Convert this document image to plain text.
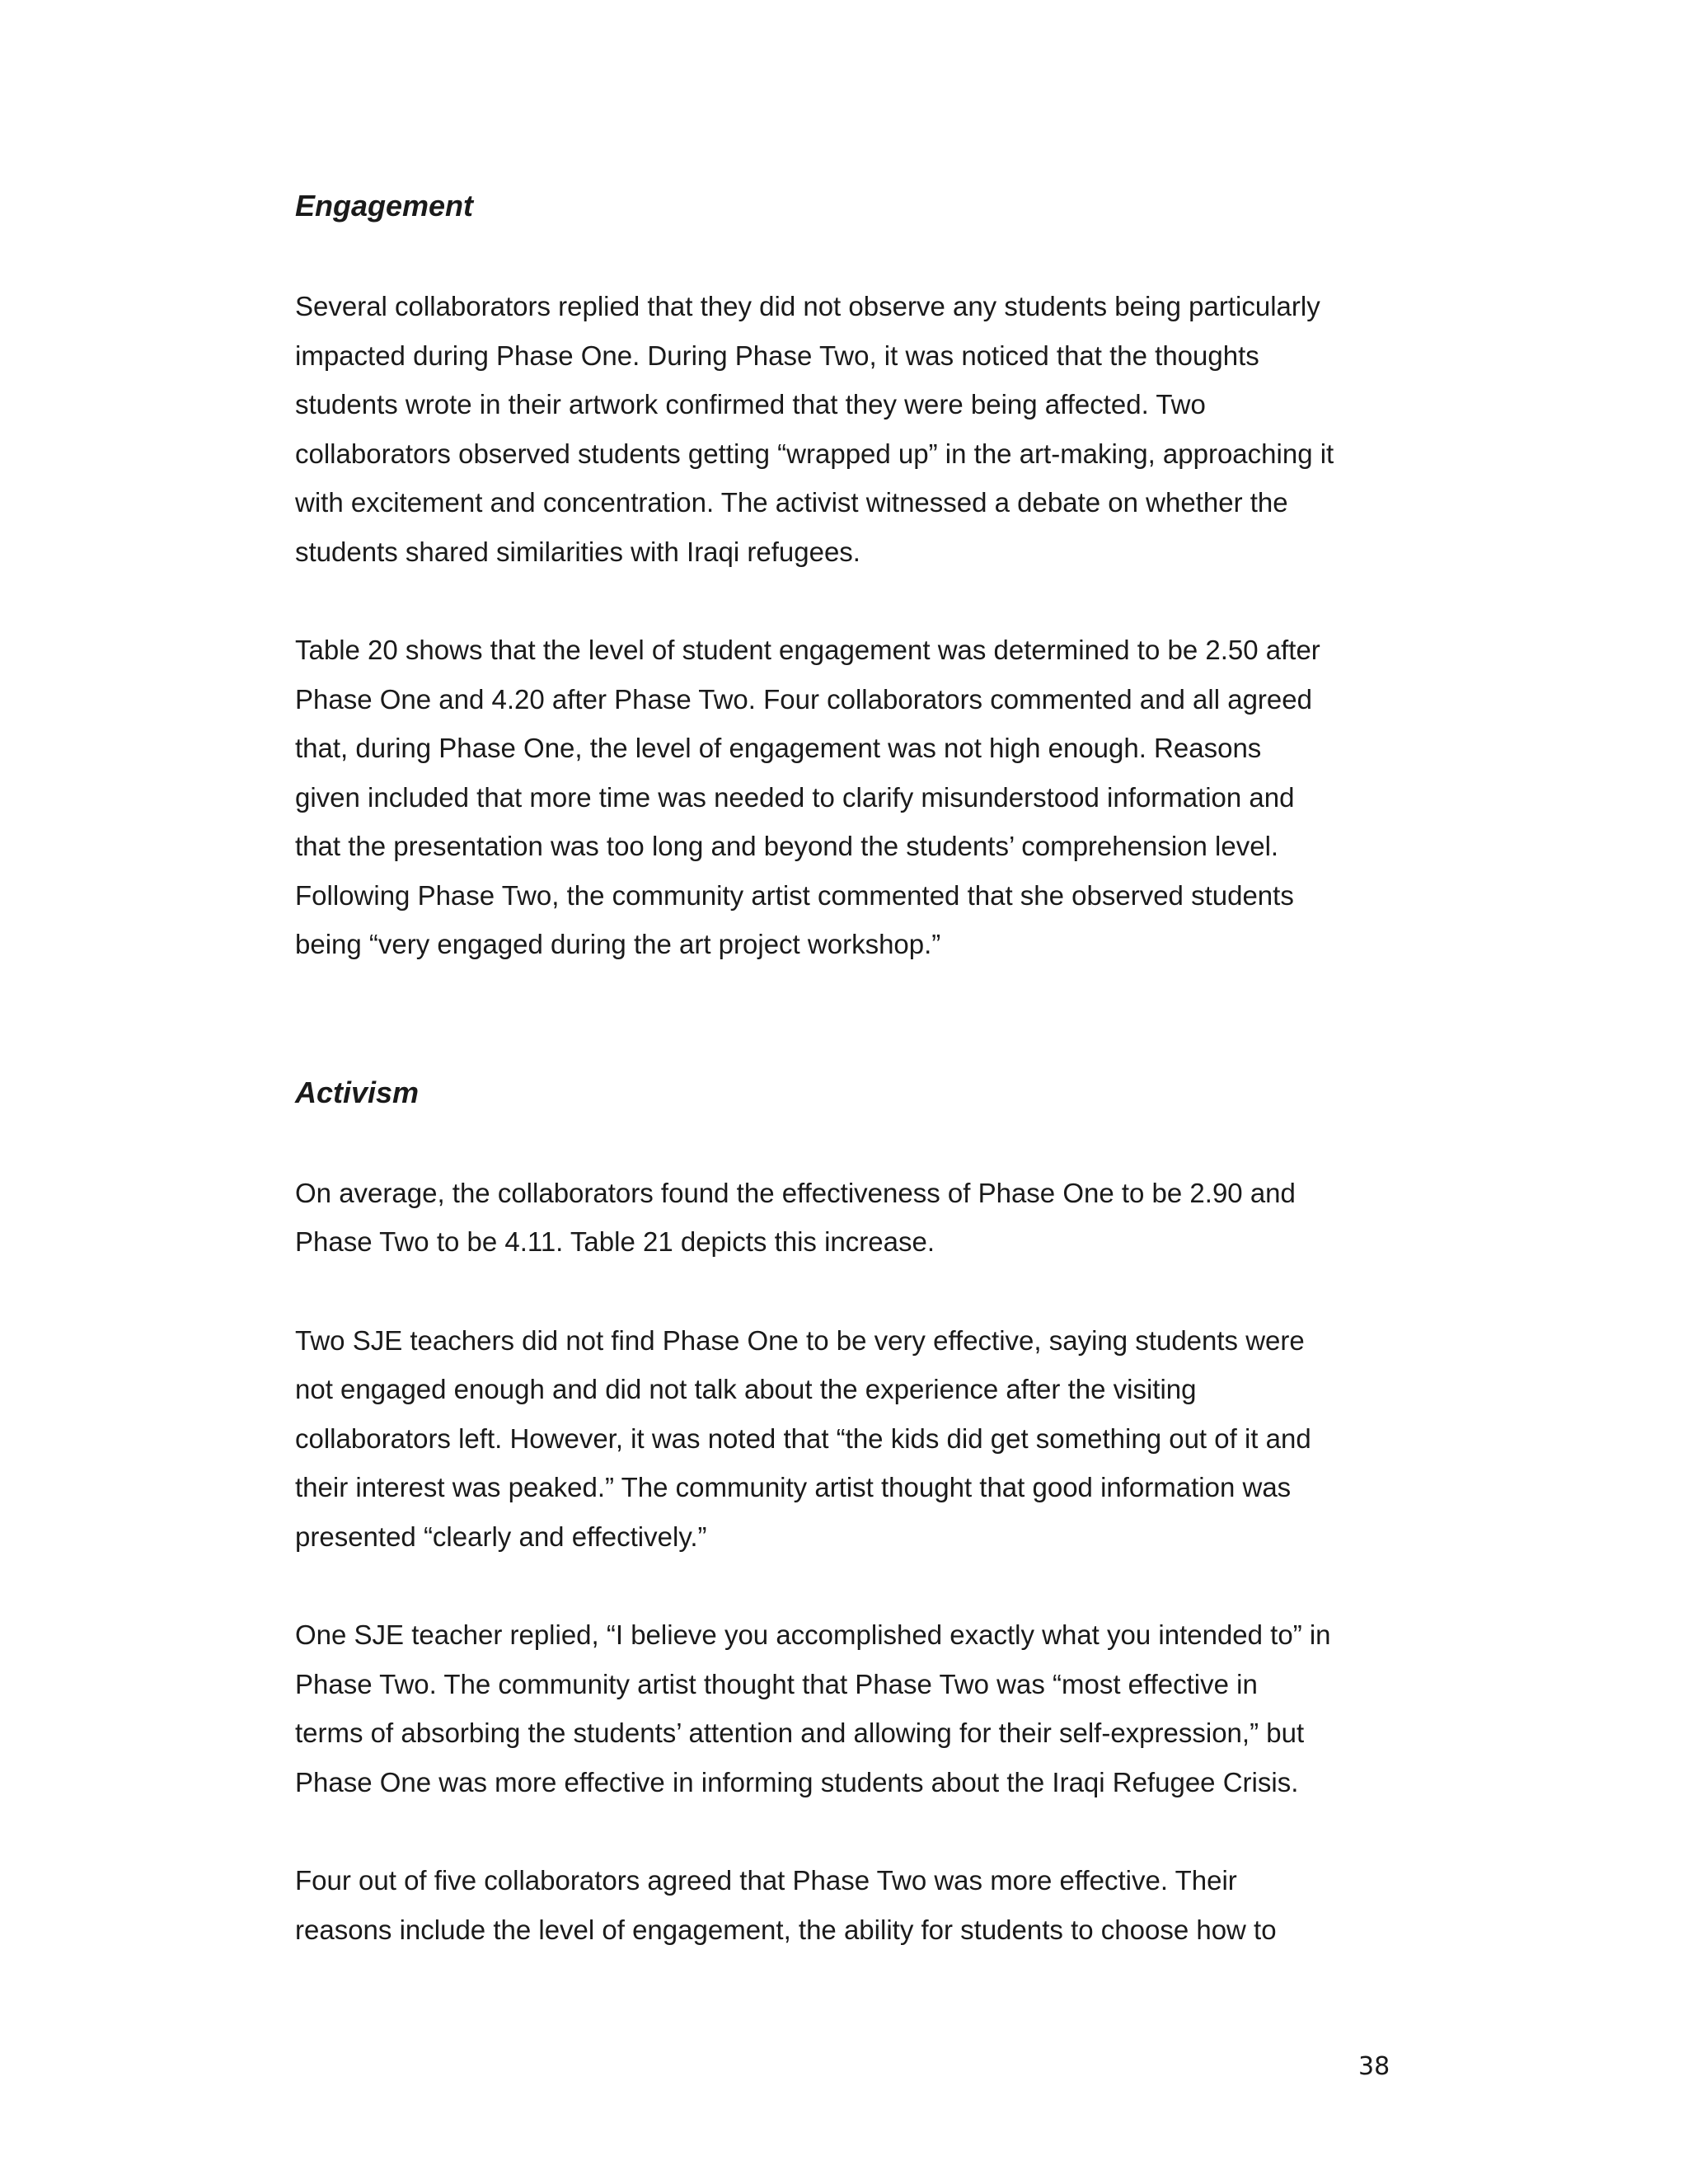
Engagement

Several collaborators replied that they did not observe any students being particularly
impacted during Phase One. During Phase Two, it was noticed that the thoughts
students wrote in their artwork confirmed that they were being affected. Two
collaborators observed students getting “wrapped up” in the art-making, approaching it
with excitement and concentration. The activist witnessed a debate on whether the
students shared similarities with Iraqi refugees.

Table 20 shows that the level of student engagement was determined to be 2.50 after
Phase One and 4.20 after Phase Two. Four collaborators commented and all agreed
that, during Phase One, the level of engagement was not high enough. Reasons
given included that more time was needed to clarify misunderstood information and
that the presentation was too long and beyond the students’ comprehension level.
Following Phase Two, the community artist commented that she observed students
being “very engaged during the art project workshop.”

Activism

On average, the collaborators found the effectiveness of Phase One to be 2.90 and
Phase Two to be 4.11. Table 21 depicts this increase.

Two SJE teachers did not find Phase One to be very effective, saying students were
not engaged enough and did not talk about the experience after the visiting
collaborators left. However, it was noted that “the kids did get something out of it and
their interest was peaked.” The community artist thought that good information was
presented “clearly and effectively.”

One SJE teacher replied, “I believe you accomplished exactly what you intended to” in
Phase Two. The community artist thought that Phase Two was “most effective in
terms of absorbing the students’ attention and allowing for their self-expression,” but
Phase One was more effective in informing students about the Iraqi Refugee Crisis.

Four out of five collaborators agreed that Phase Two was more effective. Their
reasons include the level of engagement, the ability for students to choose how to

38
